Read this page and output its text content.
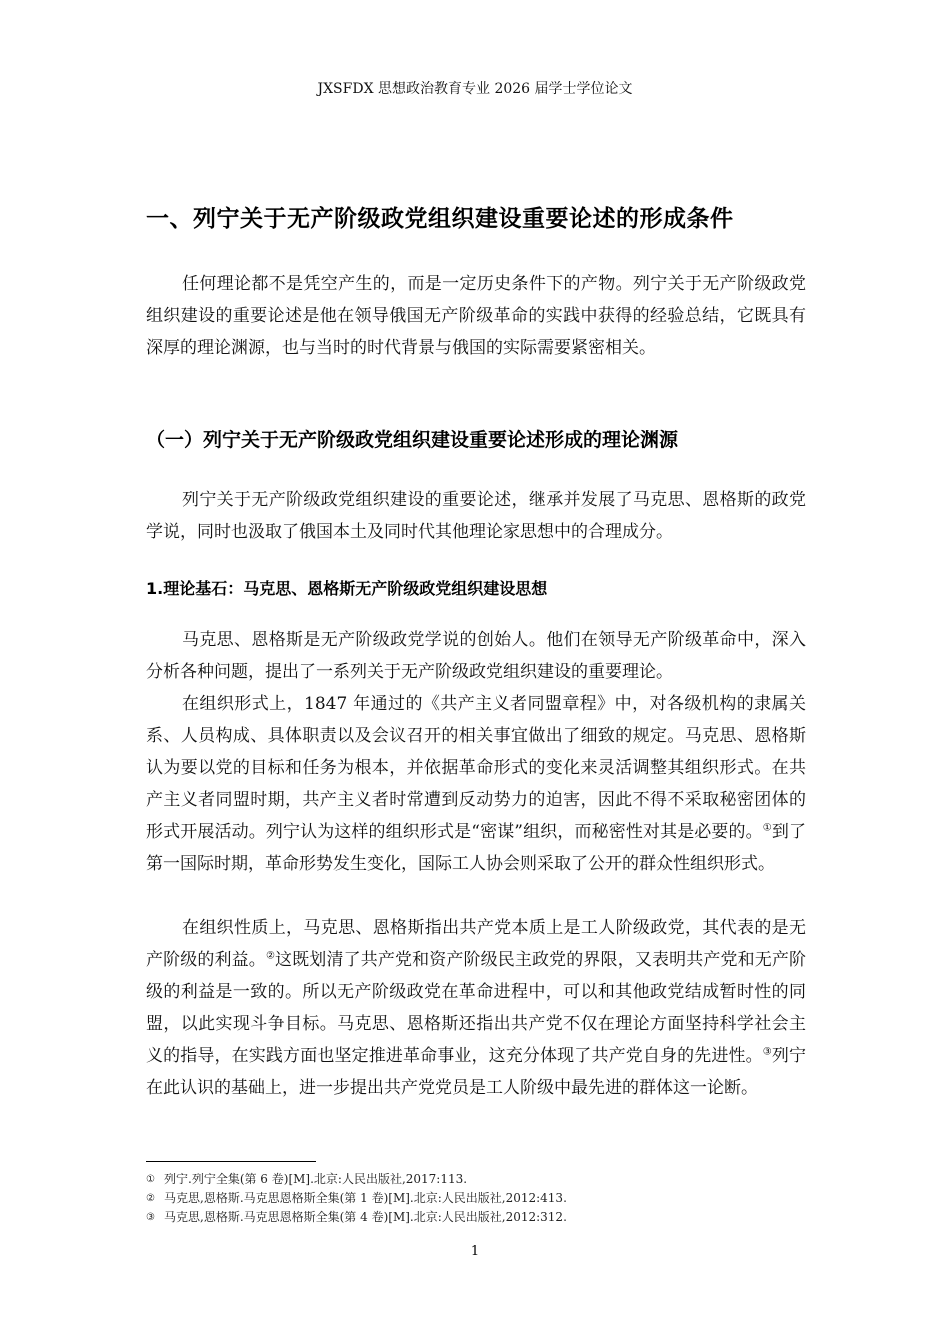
JXSFDX 思想政治教育专业 2026 届学士学位论文
一、列宁关于无产阶级政党组织建设重要论述的形成条件

任何理论都不是凭空产生的，而是一定历史条件下的产物。列宁关于无产阶级政党组织建设的重要论述是他在领导俄国无产阶级革命的实践中获得的经验总结，它既具有深厚的理论渊源，也与当时的时代背景与俄国的实际需要紧密相关。

（一）列宁关于无产阶级政党组织建设重要论述形成的理论渊源

列宁关于无产阶级政党组织建设的重要论述，继承并发展了马克思、恩格斯的政党学说，同时也汲取了俄国本土及同时代其他理论家思想中的合理成分。

1.理论基石：马克思、恩格斯无产阶级政党组织建设思想

马克思、恩格斯是无产阶级政党学说的创始人。他们在领导无产阶级革命中，深入分析各种问题，提出了一系列关于无产阶级政党组织建设的重要理论。

在组织形式上，1847 年通过的《共产主义者同盟章程》中，对各级机构的隶属关系、人员构成、具体职责以及会议召开的相关事宜做出了细致的规定。马克思、恩格斯认为要以党的目标和任务为根本，并依据革命形式的变化来灵活调整其组织形式。在共产主义者同盟时期，共产主义者时常遭到反动势力的迫害，因此不得不采取秘密团体的形式开展活动。列宁认为这样的组织形式是“密谋”组织，而秘密性对其是必要的。①到了第一国际时期，革命形势发生变化，国际工人协会则采取了公开的群众性组织形式。

在组织性质上，马克思、恩格斯指出共产党本质上是工人阶级政党，其代表的是无产阶级的利益。②这既划清了共产党和资产阶级民主政党的界限，又表明共产党和无产阶级的利益是一致的。所以无产阶级政党在革命进程中，可以和其他政党结成暂时性的同盟，以此实现斗争目标。马克思、恩格斯还指出共产党不仅在理论方面坚持科学社会主义的指导，在实践方面也坚定推进革命事业，这充分体现了共产党自身的先进性。③列宁在此认识的基础上，进一步提出共产党党员是工人阶级中最先进的群体这一论断。

① 列宁.列宁全集(第 6 卷)[M].北京:人民出版社,2017:113.
② 马克思,恩格斯.马克思恩格斯全集(第 1 卷)[M].北京:人民出版社,2012:413.
③ 马克思,恩格斯.马克思恩格斯全集(第 4 卷)[M].北京:人民出版社,2012:312.
1
